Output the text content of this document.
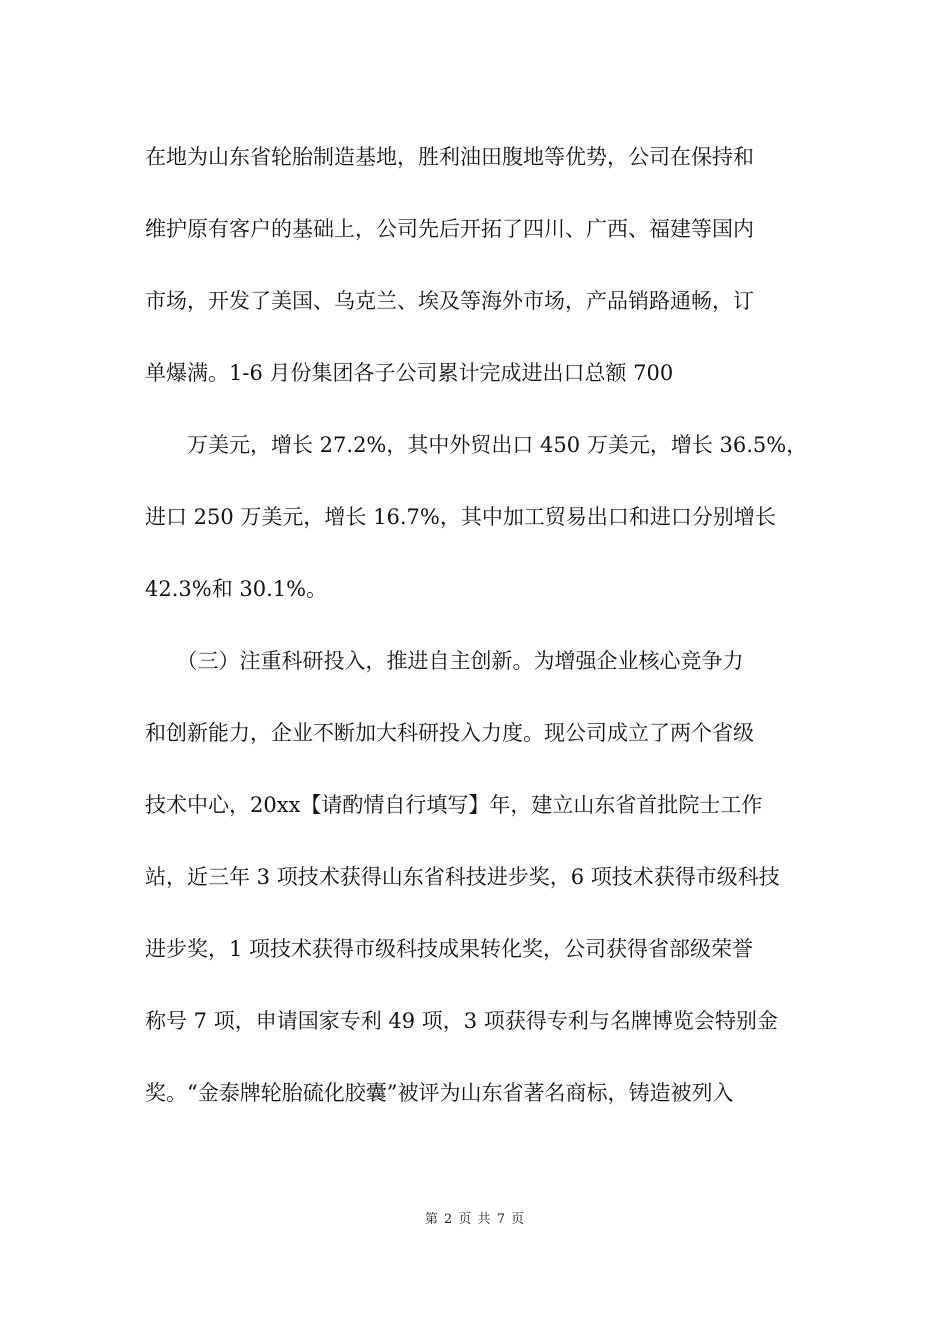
在地为山东省轮胎制造基地，胜利油田腹地等优势，公司在保持和
维护原有客户的基础上，公司先后开拓了四川、广西、福建等国内
市场，开发了美国、乌克兰、埃及等海外市场，产品销路通畅，订
单爆满。1-6 月份集团各子公司累计完成进出口总额 700
　　万美元，增长 27.2%，其中外贸出口 450 万美元，增长 36.5%，
进口 250 万美元，增长 16.7%，其中加工贸易出口和进口分别增长
42.3%和 30.1%。
　　（三）注重科研投入，推进自主创新。为增强企业核心竞争力
和创新能力，企业不断加大科研投入力度。现公司成立了两个省级
技术中心，20xx【请酌情自行填写】年，建立山东省首批院士工作
站，近三年 3 项技术获得山东省科技进步奖，6 项技术获得市级科技
进步奖，1 项技术获得市级科技成果转化奖，公司获得省部级荣誉
称号 7 项，申请国家专利 49 项，3 项获得专利与名牌博览会特别金
奖。“金泰牌轮胎硫化胶囊”被评为山东省著名商标，铸造被列入
第 2 页 共 7 页
